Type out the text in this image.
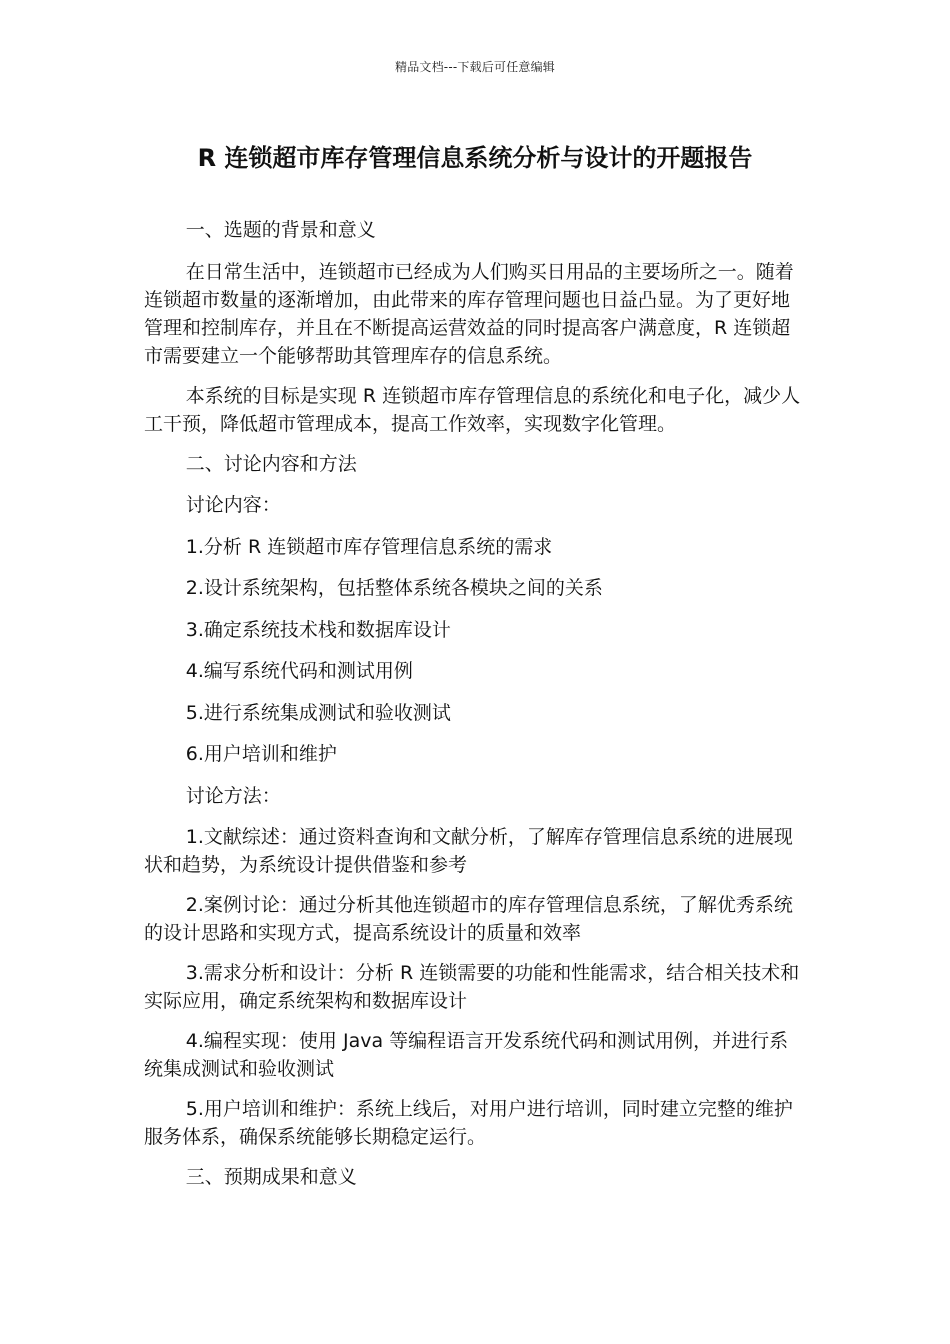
精品文档---下载后可任意编辑
R 连锁超市库存管理信息系统分析与设计的开题报告

一、选题的背景和意义

在日常生活中，连锁超市已经成为人们购买日用品的主要场所之一。随着连锁超市数量的逐渐增加，由此带来的库存管理问题也日益凸显。为了更好地管理和控制库存，并且在不断提高运营效益的同时提高客户满意度，R 连锁超市需要建立一个能够帮助其管理库存的信息系统。

本系统的目标是实现 R 连锁超市库存管理信息的系统化和电子化，减少人工干预，降低超市管理成本，提高工作效率，实现数字化管理。

二、讨论内容和方法

讨论内容：

1.分析 R 连锁超市库存管理信息系统的需求

2.设计系统架构，包括整体系统各模块之间的关系

3.确定系统技术栈和数据库设计

4.编写系统代码和测试用例

5.进行系统集成测试和验收测试

6.用户培训和维护

讨论方法：

1.文献综述：通过资料查询和文献分析，了解库存管理信息系统的进展现状和趋势，为系统设计提供借鉴和参考

2.案例讨论：通过分析其他连锁超市的库存管理信息系统，了解优秀系统的设计思路和实现方式，提高系统设计的质量和效率

3.需求分析和设计：分析 R 连锁需要的功能和性能需求，结合相关技术和实际应用，确定系统架构和数据库设计

4.编程实现：使用 Java 等编程语言开发系统代码和测试用例，并进行系统集成测试和验收测试

5.用户培训和维护：系统上线后，对用户进行培训，同时建立完整的维护服务体系，确保系统能够长期稳定运行。

三、预期成果和意义
